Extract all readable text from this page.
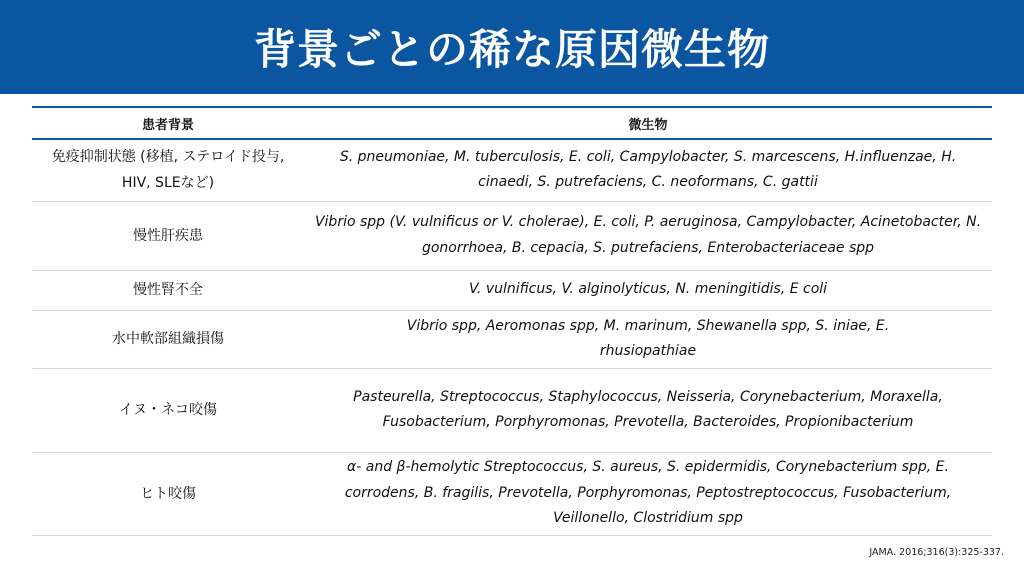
背景ごとの稀な原因微生物
患者背景	微生物
免疫抑制状態 (移植, ステロイド投与, HIV, SLEなど)	S. pneumoniae, M. tuberculosis, E. coli, Campylobacter, S. marcescens, H.influenzae, H. cinaedi, S. putrefaciens, C. neoformans, C. gattii
慢性肝疾患	Vibrio spp (V. vulnificus or V. cholerae), E. coli, P. aeruginosa, Campylobacter, Acinetobacter, N. gonorrhoea, B. cepacia, S. putrefaciens, Enterobacteriaceae spp
慢性腎不全	V. vulnificus, V. alginolyticus, N. meningitidis, E coli
水中軟部組織損傷	Vibrio spp, Aeromonas spp, M. marinum, Shewanella spp, S. iniae, E. rhusiopathiae
イヌ・ネコ咬傷	Pasteurella, Streptococcus, Staphylococcus, Neisseria, Corynebacterium, Moraxella, Fusobacterium, Porphyromonas, Prevotella, Bacteroides, Propionibacterium
ヒト咬傷	α- and β-hemolytic Streptococcus, S. aureus, S. epidermidis, Corynebacterium spp, E. corrodens, B. fragilis, Prevotella, Porphyromonas, Peptostreptococcus, Fusobacterium, Veillonello, Clostridium spp
JAMA. 2016;316(3):325-337.
